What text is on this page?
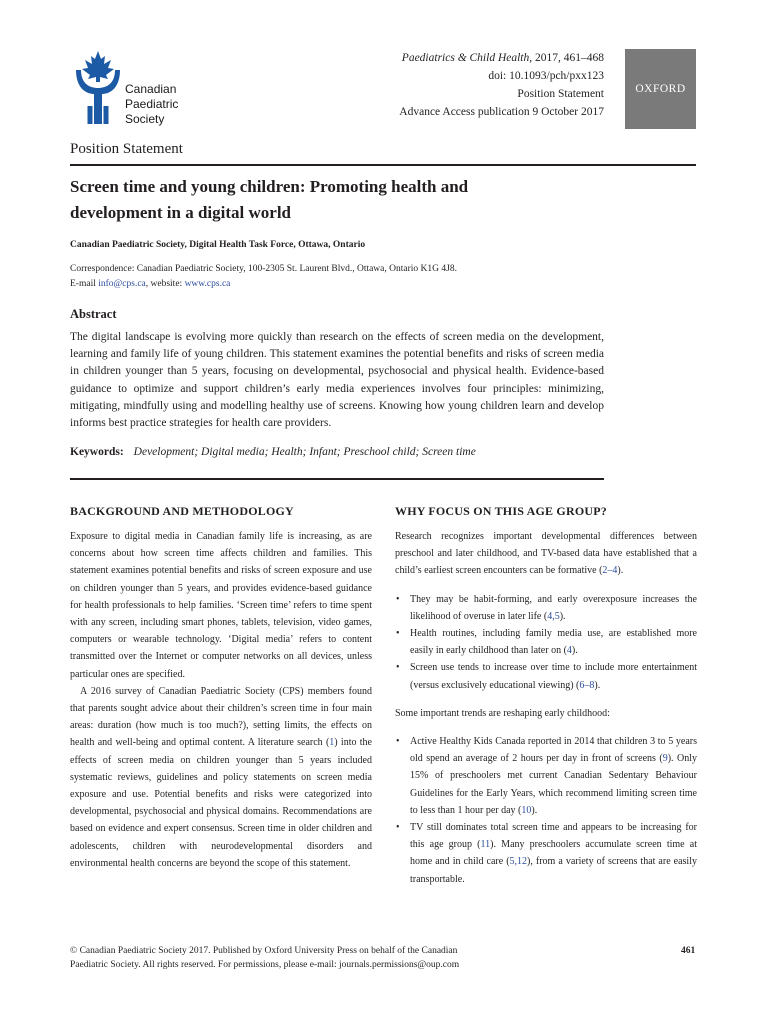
Canadian
Paediatric
Society
Paediatrics & Child Health, 2017, 461–468
doi: 10.1093/pch/pxx123
Position Statement
Advance Access publication 9 October 2017
OXFORD
Position Statement
Screen time and young children: Promoting health and
development in a digital world
Canadian Paediatric Society, Digital Health Task Force, Ottawa, Ontario
Correspondence: Canadian Paediatric Society, 100-2305 St. Laurent Blvd., Ottawa, Ontario K1G 4J8.
E-mail info@cps.ca, website: www.cps.ca
Abstract
The digital landscape is evolving more quickly than research on the effects of screen media on the development, learning and family life of young children. This statement examines the potential benefits and risks of screen media in children younger than 5 years, focusing on developmental, psychosocial and physical health. Evidence-based guidance to optimize and support children’s early media experiences involves four principles: minimizing, mitigating, mindfully using and modelling healthy use of screens. Knowing how young children learn and develop informs best practice strategies for health care providers.
Keywords: Development; Digital media; Health; Infant; Preschool child; Screen time
BACKGROUND AND METHODOLOGY

Exposure to digital media in Canadian family life is increasing, as are concerns about how screen time affects children and families. This statement examines potential benefits and risks of screen exposure and use on children younger than 5 years, and provides evidence-based guidance for health professionals to help families. ‘Screen time’ refers to time spent with any screen, including smart phones, tablets, television, video games, computers or wearable technology. ‘Digital media’ refers to content transmitted over the Internet or computer networks on all devices, unless particular ones are specified.

A 2016 survey of Canadian Paediatric Society (CPS) members found that parents sought advice about their children’s screen time in four main areas: duration (how much is too much?), setting limits, the effects on health and well-being and optimal content. A literature search (1) into the effects of screen media on children younger than 5 years included systematic reviews, guidelines and policy statements on screen media exposure and use. Potential benefits and risks were categorized into developmental, psychosocial and physical domains. Recommendations are based on evidence and expert consensus. Screen time in older children and adolescents, children with neurodevelopmental disorders and environmental health concerns are beyond the scope of this statement.

WHY FOCUS ON THIS AGE GROUP?

Research recognizes important developmental differences between preschool and later childhood, and TV-based data have established that a child’s earliest screen encounters can be formative (2–4).

• They may be habit-forming, and early overexposure increases the likelihood of overuse in later life (4,5).
• Health routines, including family media use, are established more easily in early childhood than later on (4).
• Screen use tends to increase over time to include more entertainment (versus exclusively educational viewing) (6–8).

Some important trends are reshaping early childhood:

• Active Healthy Kids Canada reported in 2014 that children 3 to 5 years old spend an average of 2 hours per day in front of screens (9). Only 15% of preschoolers met current Canadian Sedentary Behaviour Guidelines for the Early Years, which recommend limiting screen time to less than 1 hour per day (10).
• TV still dominates total screen time and appears to be increasing for this age group (11). Many preschoolers accumulate screen time at home and in child care (5,12), from a variety of screens that are easily transportable.
© Canadian Paediatric Society 2017. Published by Oxford University Press on behalf of the Canadian
Paediatric Society. All rights reserved. For permissions, please e-mail: journals.permissions@oup.com
461
